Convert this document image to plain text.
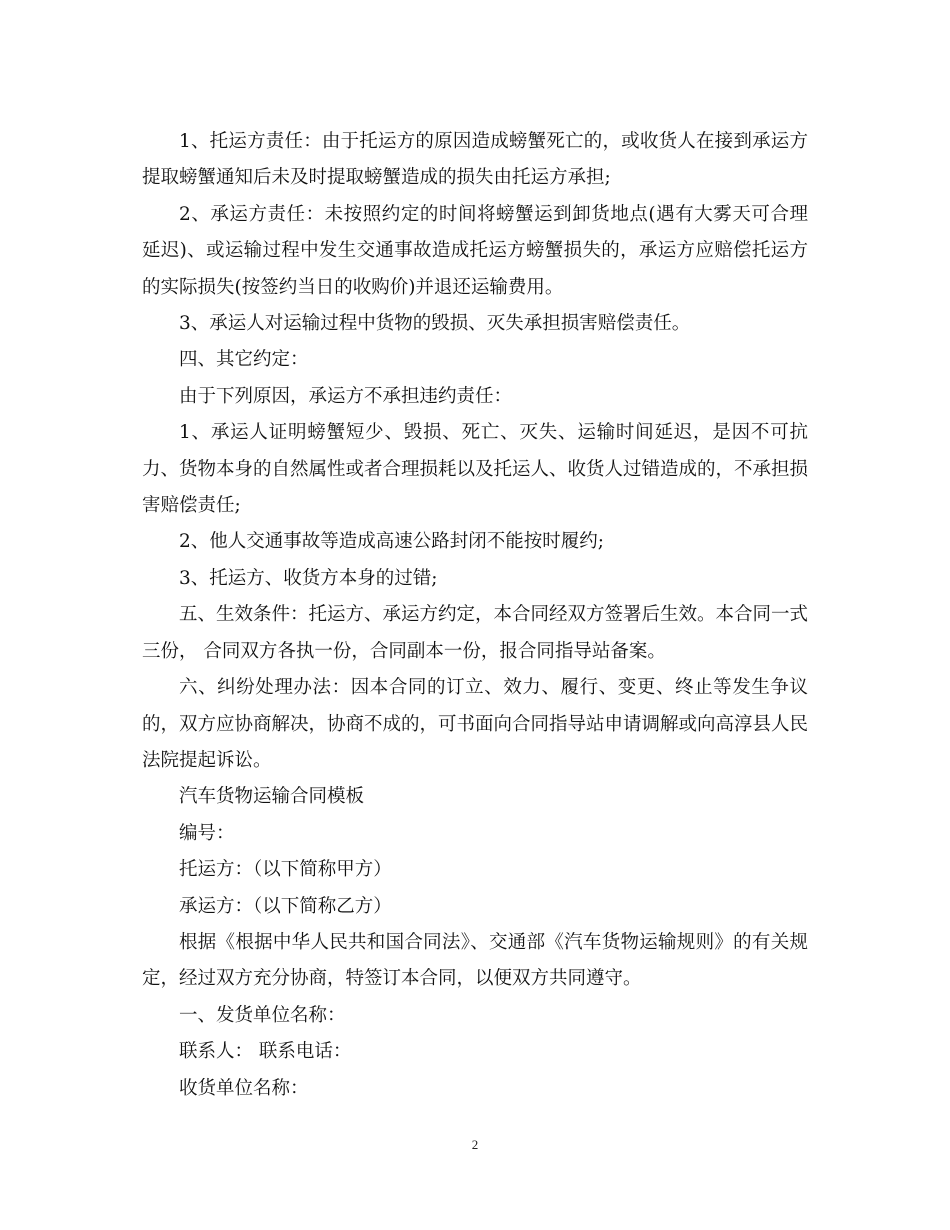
1、托运方责任：由于托运方的原因造成螃蟹死亡的，或收货人在接到承运方提取螃蟹通知后未及时提取螃蟹造成的损失由托运方承担;

2、承运方责任：未按照约定的时间将螃蟹运到卸货地点(遇有大雾天可合理延迟)、或运输过程中发生交通事故造成托运方螃蟹损失的，承运方应赔偿托运方的实际损失(按签约当日的收购价)并退还运输费用。

3、承运人对运输过程中货物的毁损、灭失承担损害赔偿责任。

四、其它约定：

由于下列原因，承运方不承担违约责任：

1、承运人证明螃蟹短少、毁损、死亡、灭失、运输时间延迟，是因不可抗力、货物本身的自然属性或者合理损耗以及托运人、收货人过错造成的，不承担损害赔偿责任;

2、他人交通事故等造成高速公路封闭不能按时履约;

3、托运方、收货方本身的过错;

五、生效条件：托运方、承运方约定，本合同经双方签署后生效。本合同一式三份， 合同双方各执一份，合同副本一份，报合同指导站备案。

六、纠纷处理办法：因本合同的订立、效力、履行、变更、终止等发生争议的，双方应协商解决，协商不成的，可书面向合同指导站申请调解或向高淳县人民法院提起诉讼。

汽车货物运输合同模板

编号：

托运方：（以下简称甲方）

承运方：（以下简称乙方）

根据《根据中华人民共和国合同法》、交通部《汽车货物运输规则》的有关规定，经过双方充分协商，特签订本合同，以便双方共同遵守。

一、发货单位名称：

联系人： 联系电话：

收货单位名称：

2
